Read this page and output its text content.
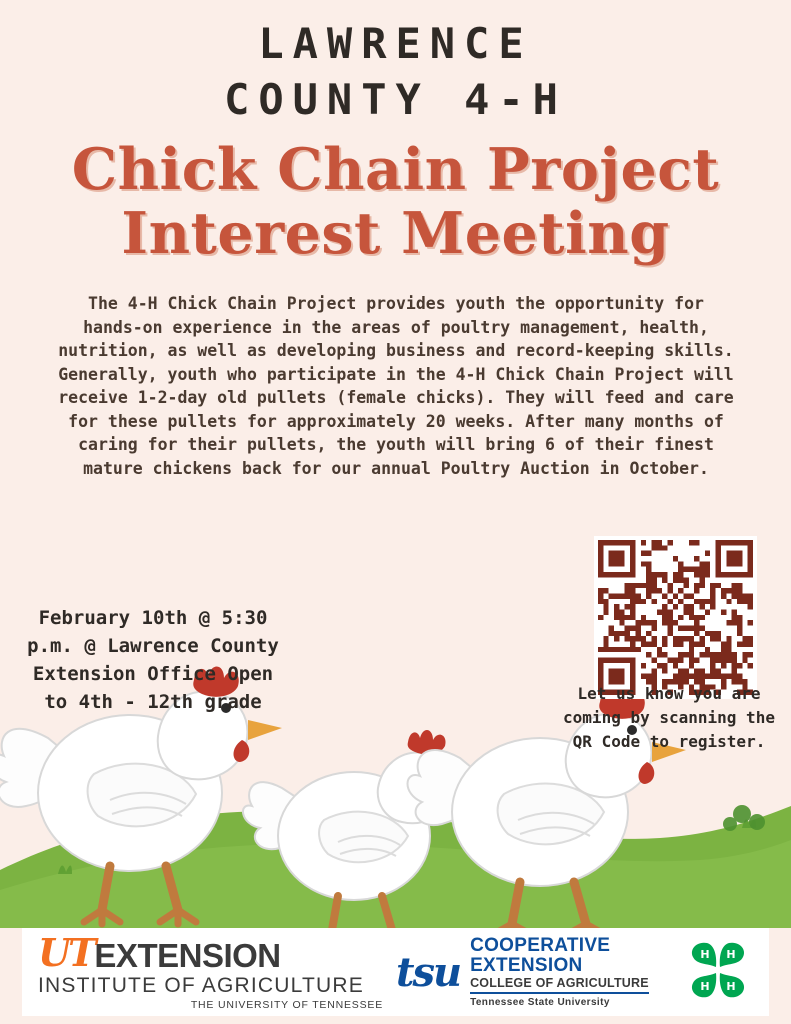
LAWRENCE
COUNTY 4-H
Chick Chain Project
Interest Meeting
The 4-H Chick Chain Project provides youth the opportunity for hands-on experience in the areas of poultry management, health, nutrition, as well as developing business and record-keeping skills. Generally, youth who participate in the 4-H Chick Chain Project will receive 1-2-day old pullets (female chicks). They will feed and care for these pullets for approximately 20 weeks. After many months of caring for their pullets, the youth will bring 6 of their finest mature chickens back for our annual Poultry Auction in October.
February 10th @ 5:30 p.m. @ Lawrence County Extension Office Open to 4th - 12th grade	Let us know you are coming by scanning the QR Code to register.
UT EXTENSION
INSTITUTE OF AGRICULTURE
THE UNIVERSITY OF TENNESSEE
tsu
COOPERATIVE
EXTENSION
COLLEGE OF AGRICULTURE
Tennessee State University
H H
H H
